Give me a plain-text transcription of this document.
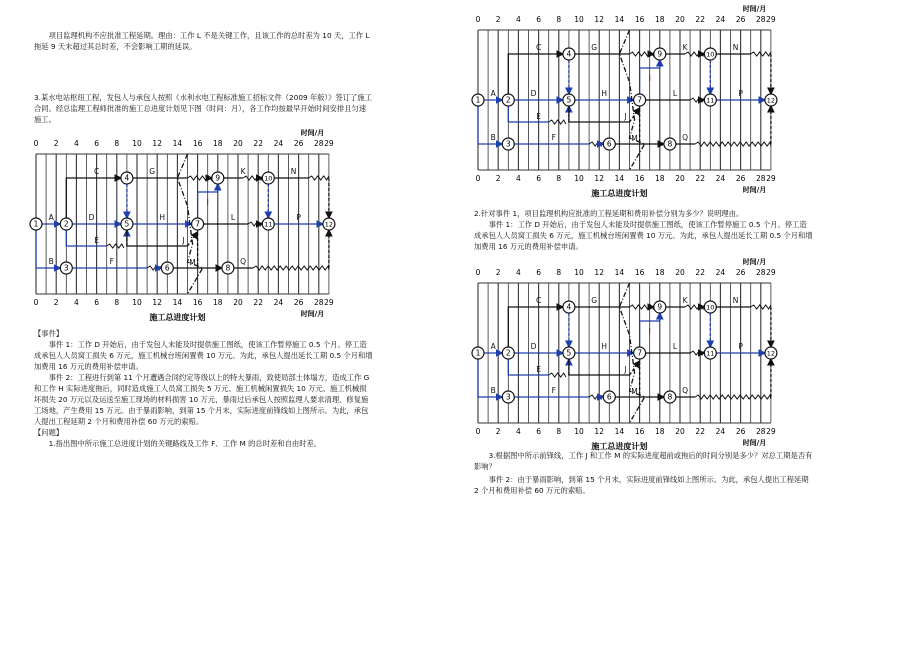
　　项目监理机构不应批准工程延期。理由：工作 L 不是关键工作，且该工作的总时差为 10 天，工作 L
拖延 9 天未超过其总时差，不会影响工期的延误。

3.某水电站枢纽工程，发包人与承包人按照《水利水电工程标准施工招标文件（2009 年版）》签订了施工
合同。经总监理工程师批准的施工总进度计划见下图（时间：月），各工作均按最早开始时间安排且匀速
施工。

时间/月
时间/月
0
0
2
2
4
4
6
6
8
8
10
10
12
12
14
14
16
16
18
18
20
20
22
22
24
24
26
26
28
28
29
29
A
B
C
D
E
F
G
H
J
I
K
L
N
P
M	Q
1	2
3
4
5
6
7
8
9	10
11	12
施工总进度计划

【事件】

　　事件 1：工作 D 开始后，由于发包人未能及时提供施工图纸，使该工作暂停施工 0.5 个月。停工造
成承包人人员窝工损失 6 万元，施工机械台班闲置费 10 万元。为此，承包人提出延长工期 0.5 个月和增
加费用 16 万元的费用补偿申请。

　　事件 2：工程进行到第 11 个月遭遇合同约定等级以上的特大暴雨，致使局部土体塌方，造成工作 G
和工作 H 实际进度拖后，同时造成施工人员窝工损失 5 万元、施工机械闲置损失 10 万元、施工机械损
坏损失 20 万元以及运送至施工现场的材料损害 10 万元，暴雨过后承包人按照监理人要求清理、修复施
工场地，产生费用 15 万元。由于暴雨影响，到第 15 个月末，实际进度前锋线如上图所示。为此，承包
人提出工程延期 2 个月和费用补偿 60 万元的索赔。

【问题】

　　1.指出图中所示施工总进度计划的关键路线及工作 F、工作 M 的总时差和自由时差。

时间/月
时间/月
0
0
2
2
4
4
6
6
8
8
10
10
12
12
14
14
16
16
18
18
20
20
22
22
24
24
26
26
28
28
29
29
A
B
C
D
E
F
G
H
J
I
K
L
N
P
M	Q
1	2
3
4
5
6
7
8
9	10
11	12
施工总进度计划

2.针对事件 1，项目监理机构应批准的工程延期和费用补偿分别为多少？说明理由。

　　事件 1：工作 D 开始后，由于发包人未能及时提供施工图纸，使该工作暂停施工 0.5 个月。停工造
成承包人人员窝工损失 6 万元，施工机械台班闲置费 10 万元。为此，承包人提出延长工期 0.5 个月和增
加费用 16 万元的费用补偿申请。

时间/月
时间/月
0
0
2
2
4
4
6
6
8
8
10
10
12
12
14
14
16
16
18
18
20
20
22
22
24
24
26
26
28
28
29
29
A
B
C
D
E
F
G
H
J
I
K
L
N
P
M	Q
1	2
3
4
5
6
7
8
9	10
11	12
施工总进度计划

　　3.根据图中所示前锋线，工作 J 和工作 M 的实际进度超前或拖后的时间分别是多少？对总工期是否有
影响？

　　事件 2：由于暴雨影响，到第 15 个月末，实际进度前锋线如上图所示。为此，承包人提出工程延期
2 个月和费用补偿 60 万元的索赔。
